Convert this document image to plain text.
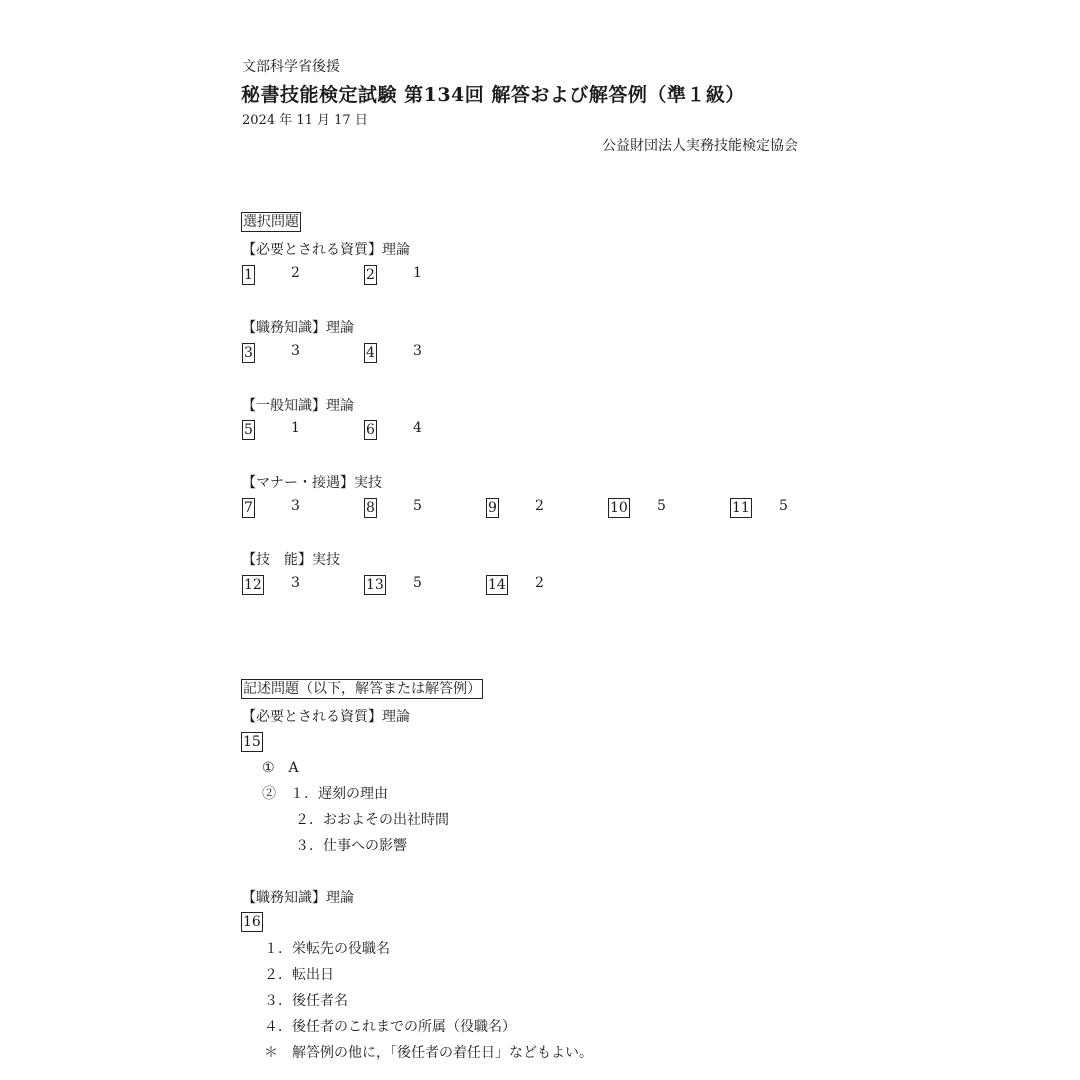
文部科学省後援
秘書技能検定試験 第134回 解答および解答例（準１級）
2024 年 11 月 17 日
公益財団法人実務技能検定協会
選択問題
【必要とされる資質】理論
1	2	2	1
【職務知識】理論
3	3	4	3
【一般知識】理論
5	1	6	4
【マナー・接遇】実技
7	3	8	5	9	2	10 5	11 5
【技　能】実技
12 3	13 5	14 2
記述問題（以下，解答または解答例）
【必要とされる資質】理論
15
①　A
②　１．遅刻の理由
２．おおよその出社時間
３．仕事への影響
【職務知識】理論
16
１．栄転先の役職名
２．転出日
３．後任者名
４．後任者のこれまでの所属（役職名）
＊　解答例の他に，「後任者の着任日」などもよい。
